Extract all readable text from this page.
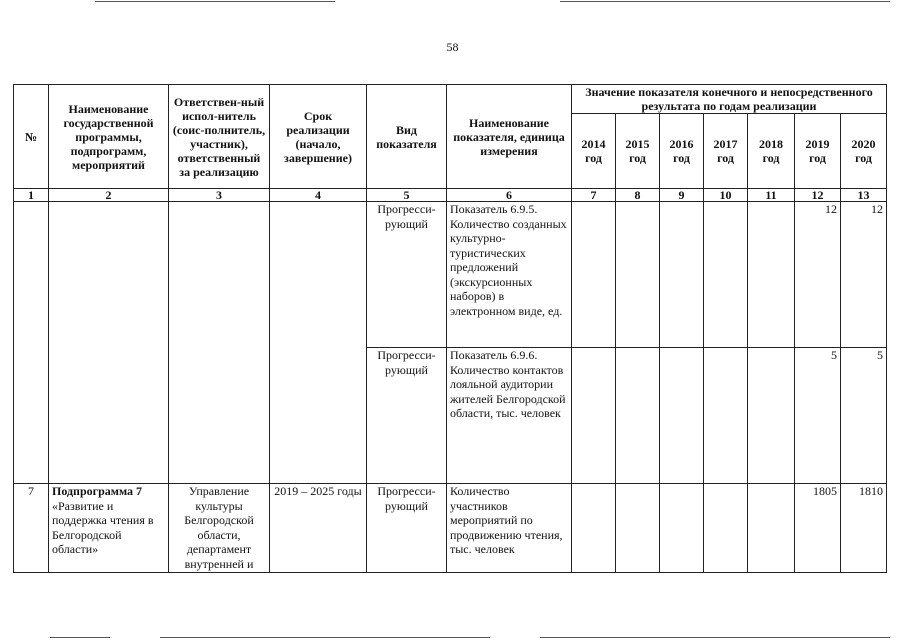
58
№	Наименование государственной программы, подпрограмм, мероприятий	Ответствен-ный испол-нитель (соис-полнитель, участник), ответственный за реализацию	Срок реализации (начало, завершение)	Вид показателя	Наименование показателя, единица измерения	Значение показателя конечного и непосредственного результата по годам реализации						
						2014 год	2015 год	2016 год	2017 год	2018 год	2019 год	2020 год
1	2	3	4	5	6	7	8	9	10	11	12	13
				Прогресси-рующий	Показатель 6.9.5. Количество созданных культурно-туристических предложений (экскурсионных наборов) в электронном виде, ед.						12	12
				Прогресси-рующий	Показатель 6.9.6. Количество контактов лояльной аудитории жителей Белгородской области, тыс. человек						5	5
7	Подпрограмма 7 «Развитие и поддержка чтения в Белгородской области»	Управление культуры Белгородской области, департамент внутренней и	2019 – 2025 годы	Прогресси-рующий	Количество участников мероприятий по продвижению чтения, тыс. человек						1805	1810
